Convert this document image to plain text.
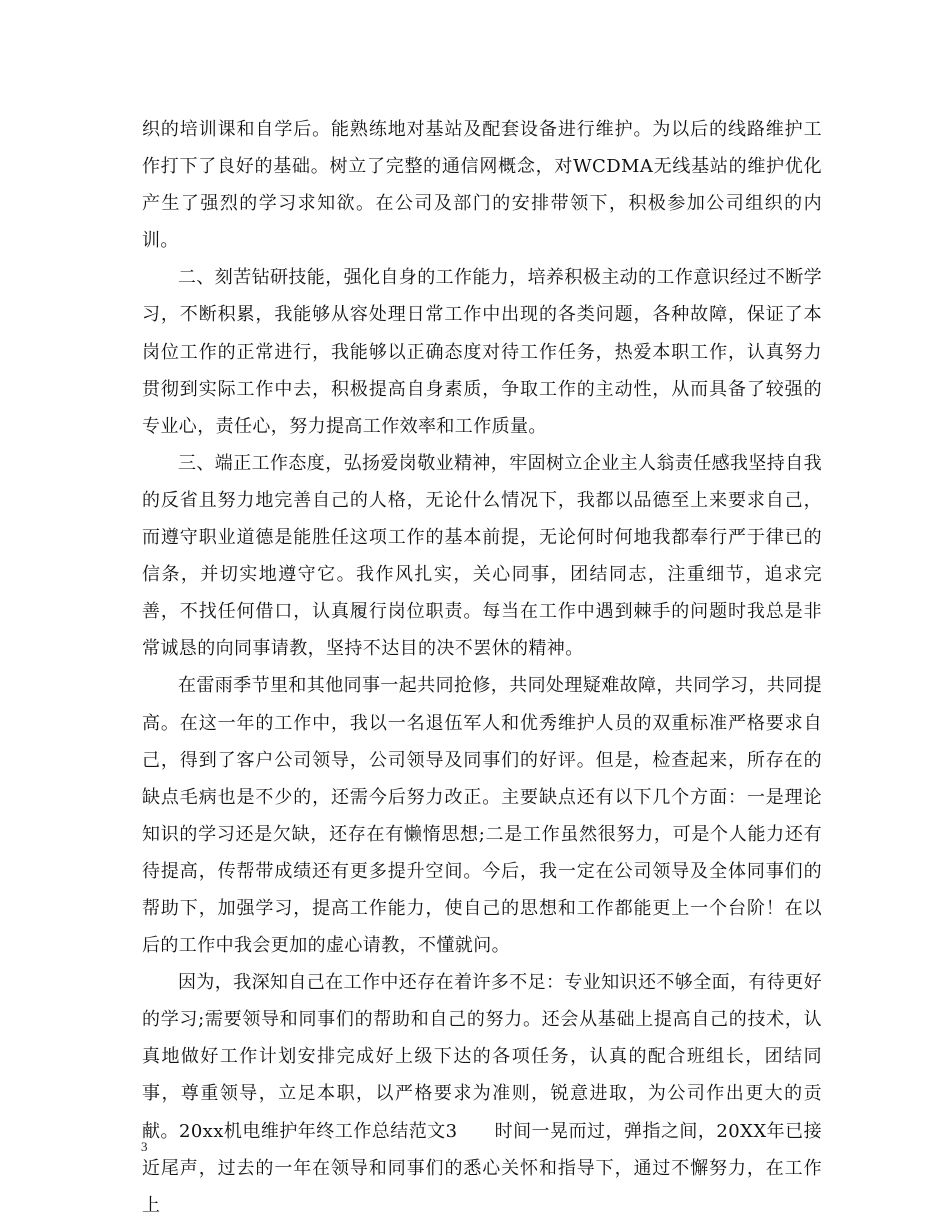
织的培训课和自学后。能熟练地对基站及配套设备进行维护。为以后的线路维护工作打下了良好的基础。树立了完整的通信网概念，对WCDMA无线基站的维护优化产生了强烈的学习求知欲。在公司及部门的安排带领下，积极参加公司组织的内训。

二、刻苦钻研技能，强化自身的工作能力，培养积极主动的工作意识经过不断学习，不断积累，我能够从容处理日常工作中出现的各类问题，各种故障，保证了本岗位工作的正常进行，我能够以正确态度对待工作任务，热爱本职工作，认真努力贯彻到实际工作中去，积极提高自身素质，争取工作的主动性，从而具备了较强的专业心，责任心，努力提高工作效率和工作质量。

三、端正工作态度，弘扬爱岗敬业精神，牢固树立企业主人翁责任感我坚持自我的反省且努力地完善自己的人格，无论什么情况下，我都以品德至上来要求自己，而遵守职业道德是能胜任这项工作的基本前提，无论何时何地我都奉行严于律已的信条，并切实地遵守它。我作风扎实，关心同事，团结同志，注重细节，追求完善，不找任何借口，认真履行岗位职责。每当在工作中遇到棘手的问题时我总是非常诚恳的向同事请教，坚持不达目的决不罢休的精神。

在雷雨季节里和其他同事一起共同抢修，共同处理疑难故障，共同学习，共同提高。在这一年的工作中，我以一名退伍军人和优秀维护人员的双重标准严格要求自己，得到了客户公司领导，公司领导及同事们的好评。但是，检查起来，所存在的缺点毛病也是不少的，还需今后努力改正。主要缺点还有以下几个方面：一是理论知识的学习还是欠缺，还存在有懒惰思想;二是工作虽然很努力，可是个人能力还有待提高，传帮带成绩还有更多提升空间。今后，我一定在公司领导及全体同事们的帮助下，加强学习，提高工作能力，使自己的思想和工作都能更上一个台阶！在以后的工作中我会更加的虚心请教，不懂就问。

因为，我深知自己在工作中还存在着许多不足：专业知识还不够全面，有待更好的学习;需要领导和同事们的帮助和自己的努力。还会从基础上提高自己的技术，认真地做好工作计划安排完成好上级下达的各项任务，认真的配合班组长，团结同事，尊重领导，立足本职，以严格要求为准则，锐意进取，为公司作出更大的贡献。20xx机电维护年终工作总结范文3　　时间一晃而过，弹指之间，20XX年已接近尾声，过去的一年在领导和同事们的悉心关怀和指导下，通过不懈努力，在工作上

3
